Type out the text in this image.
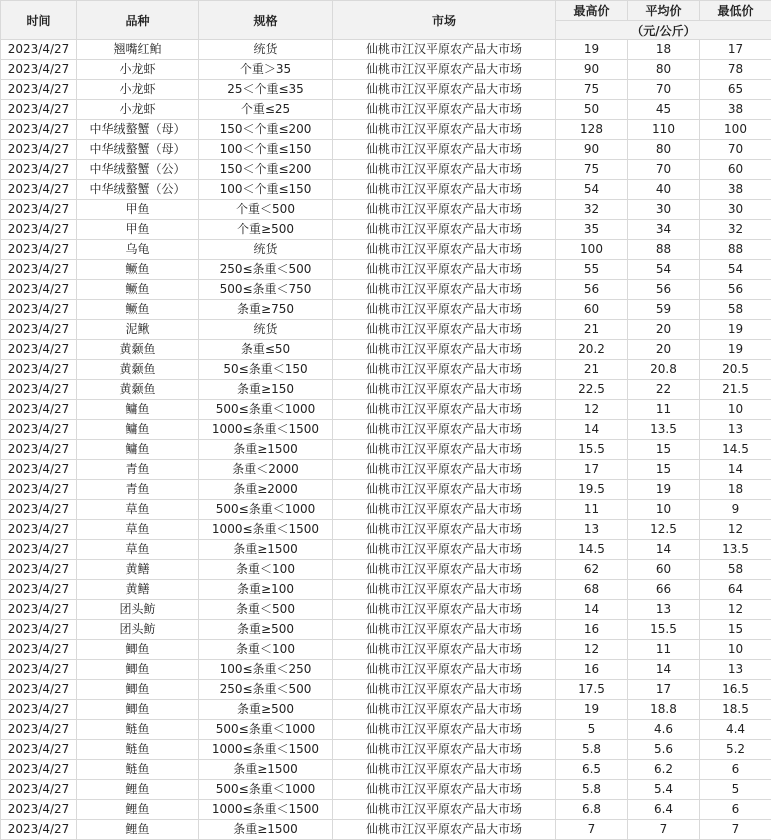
时间	品种	规格	市场	最高价	平均价	最低价
				（元/公斤）		
2023/4/27	翘嘴红鲌	统货	仙桃市江汉平原农产品大市场	19	18	17
2023/4/27	小龙虾	个重＞35	仙桃市江汉平原农产品大市场	90	80	78
2023/4/27	小龙虾	25＜个重≤35	仙桃市江汉平原农产品大市场	75	70	65
2023/4/27	小龙虾	个重≤25	仙桃市江汉平原农产品大市场	50	45	38
2023/4/27	中华绒螯蟹（母）	150＜个重≤200	仙桃市江汉平原农产品大市场	128	110	100
2023/4/27	中华绒螯蟹（母）	100＜个重≤150	仙桃市江汉平原农产品大市场	90	80	70
2023/4/27	中华绒螯蟹（公）	150＜个重≤200	仙桃市江汉平原农产品大市场	75	70	60
2023/4/27	中华绒螯蟹（公）	100＜个重≤150	仙桃市江汉平原农产品大市场	54	40	38
2023/4/27	甲鱼	个重＜500	仙桃市江汉平原农产品大市场	32	30	30
2023/4/27	甲鱼	个重≥500	仙桃市江汉平原农产品大市场	35	34	32
2023/4/27	乌龟	统货	仙桃市江汉平原农产品大市场	100	88	88
2023/4/27	鳜鱼	250≤条重＜500	仙桃市江汉平原农产品大市场	55	54	54
2023/4/27	鳜鱼	500≤条重＜750	仙桃市江汉平原农产品大市场	56	56	56
2023/4/27	鳜鱼	条重≥750	仙桃市江汉平原农产品大市场	60	59	58
2023/4/27	泥鳅	统货	仙桃市江汉平原农产品大市场	21	20	19
2023/4/27	黄颡鱼	条重≤50	仙桃市江汉平原农产品大市场	20.2	20	19
2023/4/27	黄颡鱼	50≤条重＜150	仙桃市江汉平原农产品大市场	21	20.8	20.5
2023/4/27	黄颡鱼	条重≥150	仙桃市江汉平原农产品大市场	22.5	22	21.5
2023/4/27	鳙鱼	500≤条重＜1000	仙桃市江汉平原农产品大市场	12	11	10
2023/4/27	鳙鱼	1000≤条重＜1500	仙桃市江汉平原农产品大市场	14	13.5	13
2023/4/27	鳙鱼	条重≥1500	仙桃市江汉平原农产品大市场	15.5	15	14.5
2023/4/27	青鱼	条重＜2000	仙桃市江汉平原农产品大市场	17	15	14
2023/4/27	青鱼	条重≥2000	仙桃市江汉平原农产品大市场	19.5	19	18
2023/4/27	草鱼	500≤条重＜1000	仙桃市江汉平原农产品大市场	11	10	9
2023/4/27	草鱼	1000≤条重＜1500	仙桃市江汉平原农产品大市场	13	12.5	12
2023/4/27	草鱼	条重≥1500	仙桃市江汉平原农产品大市场	14.5	14	13.5
2023/4/27	黄鳝	条重＜100	仙桃市江汉平原农产品大市场	62	60	58
2023/4/27	黄鳝	条重≥100	仙桃市江汉平原农产品大市场	68	66	64
2023/4/27	团头鲂	条重＜500	仙桃市江汉平原农产品大市场	14	13	12
2023/4/27	团头鲂	条重≥500	仙桃市江汉平原农产品大市场	16	15.5	15
2023/4/27	鲫鱼	条重＜100	仙桃市江汉平原农产品大市场	12	11	10
2023/4/27	鲫鱼	100≤条重＜250	仙桃市江汉平原农产品大市场	16	14	13
2023/4/27	鲫鱼	250≤条重＜500	仙桃市江汉平原农产品大市场	17.5	17	16.5
2023/4/27	鲫鱼	条重≥500	仙桃市江汉平原农产品大市场	19	18.8	18.5
2023/4/27	鲢鱼	500≤条重＜1000	仙桃市江汉平原农产品大市场	5	4.6	4.4
2023/4/27	鲢鱼	1000≤条重＜1500	仙桃市江汉平原农产品大市场	5.8	5.6	5.2
2023/4/27	鲢鱼	条重≥1500	仙桃市江汉平原农产品大市场	6.5	6.2	6
2023/4/27	鲤鱼	500≤条重＜1000	仙桃市江汉平原农产品大市场	5.8	5.4	5
2023/4/27	鲤鱼	1000≤条重＜1500	仙桃市江汉平原农产品大市场	6.8	6.4	6
2023/4/27	鲤鱼	条重≥1500	仙桃市江汉平原农产品大市场	7	7	7
